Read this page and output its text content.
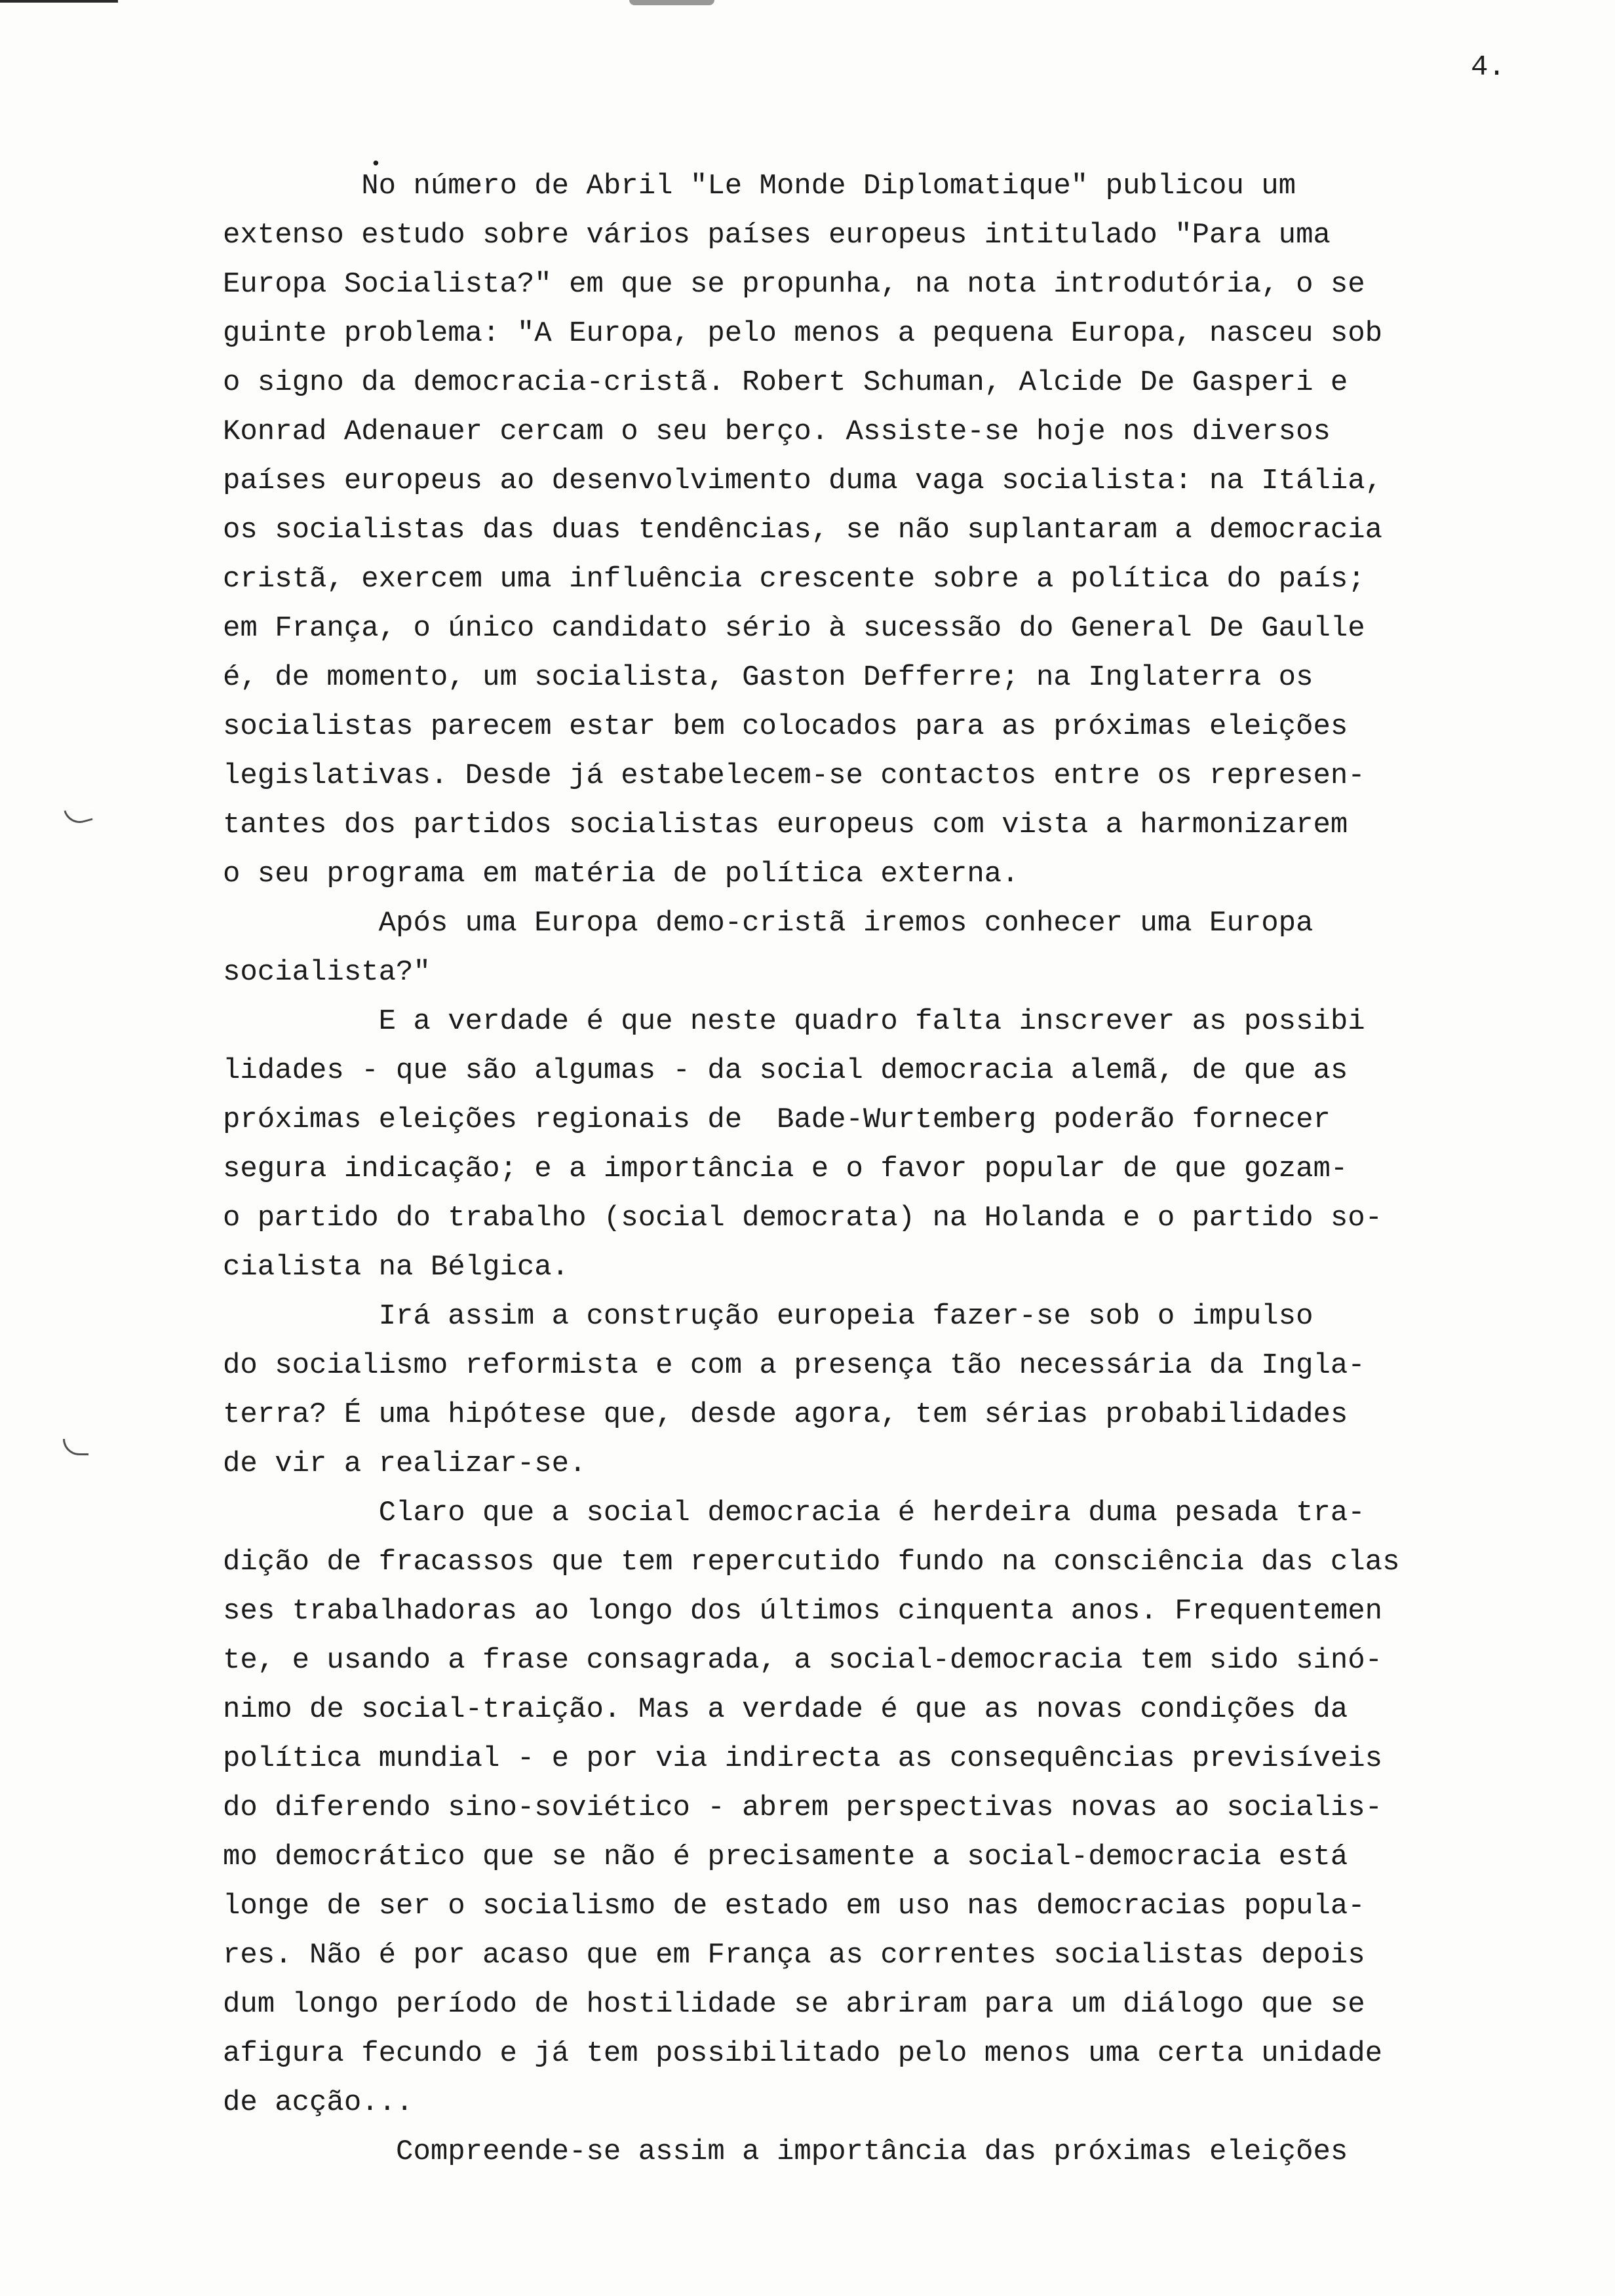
4.
•
No número de Abril "Le Monde Diplomatique" publicou um
extenso estudo sobre vários países europeus intitulado "Para uma
Europa Socialista?" em que se propunha, na nota introdutória, o se
guinte problema: "A Europa, pelo menos a pequena Europa, nasceu sob
o signo da democracia-cristã. Robert Schuman, Alcide De Gasperi e
Konrad Adenauer cercam o seu berço. Assiste-se hoje nos diversos
países europeus ao desenvolvimento duma vaga socialista: na Itália,
os socialistas das duas tendências, se não suplantaram a democracia
cristã, exercem uma influência crescente sobre a política do país;
em França, o único candidato sério à sucessão do General De Gaulle
é, de momento, um socialista, Gaston Defferre; na Inglaterra os
socialistas parecem estar bem colocados para as próximas eleições
legislativas. Desde já estabelecem-se contactos entre os represen-
tantes dos partidos socialistas europeus com vista a harmonizarem
o seu programa em matéria de política externa.
Após uma Europa demo-cristã iremos conhecer uma Europa
socialista?"
E a verdade é que neste quadro falta inscrever as possibi
lidades - que são algumas - da social democracia alemã, de que as
próximas eleições regionais de  Bade-Wurtemberg poderão fornecer
segura indicação; e a importância e o favor popular de que gozam-
o partido do trabalho (social democrata) na Holanda e o partido so-
cialista na Bélgica.
Irá assim a construção europeia fazer-se sob o impulso
do socialismo reformista e com a presença tão necessária da Ingla-
terra? É uma hipótese que, desde agora, tem sérias probabilidades
de vir a realizar-se.
Claro que a social democracia é herdeira duma pesada tra-
dição de fracassos que tem repercutido fundo na consciência das clas
ses trabalhadoras ao longo dos últimos cinquenta anos. Frequentemen
te, e usando a frase consagrada, a social-democracia tem sido sinó-
nimo de social-traição. Mas a verdade é que as novas condições da
política mundial - e por via indirecta as consequências previsíveis
do diferendo sino-soviético - abrem perspectivas novas ao socialis-
mo democrático que se não é precisamente a social-democracia está
longe de ser o socialismo de estado em uso nas democracias popula-
res. Não é por acaso que em França as correntes socialistas depois
dum longo período de hostilidade se abriram para um diálogo que se
afigura fecundo e já tem possibilitado pelo menos uma certa unidade
de acção...
Compreende-se assim a importância das próximas eleições
